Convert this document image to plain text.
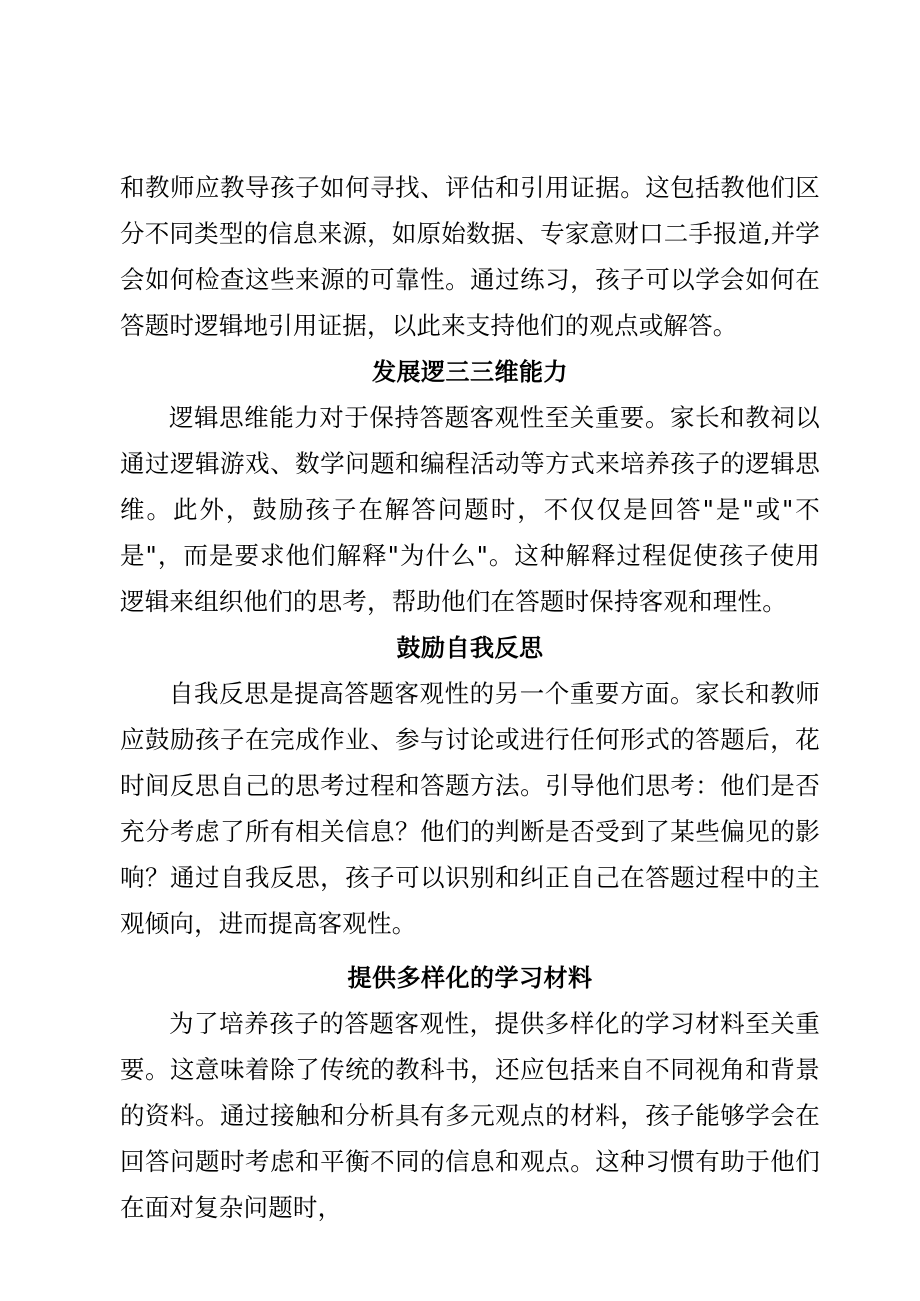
和教师应教导孩子如何寻找、评估和引用证据。这包括教他们区分不同类型的信息来源，如原始数据、专家意财口二手报道,并学会如何检查这些来源的可靠性。通过练习，孩子可以学会如何在答题时逻辑地引用证据，以此来支持他们的观点或解答。

发展逻三三维能力

逻辑思维能力对于保持答题客观性至关重要。家长和教祠以通过逻辑游戏、数学问题和编程活动等方式来培养孩子的逻辑思维。此外，鼓励孩子在解答问题时，不仅仅是回答"是"或"不是"，而是要求他们解释"为什么"。这种解释过程促使孩子使用逻辑来组织他们的思考，帮助他们在答题时保持客观和理性。

鼓励自我反思

自我反思是提高答题客观性的另一个重要方面。家长和教师应鼓励孩子在完成作业、参与讨论或进行任何形式的答题后，花时间反思自己的思考过程和答题方法。引导他们思考：他们是否充分考虑了所有相关信息？他们的判断是否受到了某些偏见的影响？通过自我反思，孩子可以识别和纠正自己在答题过程中的主观倾向，进而提高客观性。

提供多样化的学习材料

为了培养孩子的答题客观性，提供多样化的学习材料至关重要。这意味着除了传统的教科书，还应包括来自不同视角和背景的资料。通过接触和分析具有多元观点的材料，孩子能够学会在回答问题时考虑和平衡不同的信息和观点。这种习惯有助于他们在面对复杂问题时，
